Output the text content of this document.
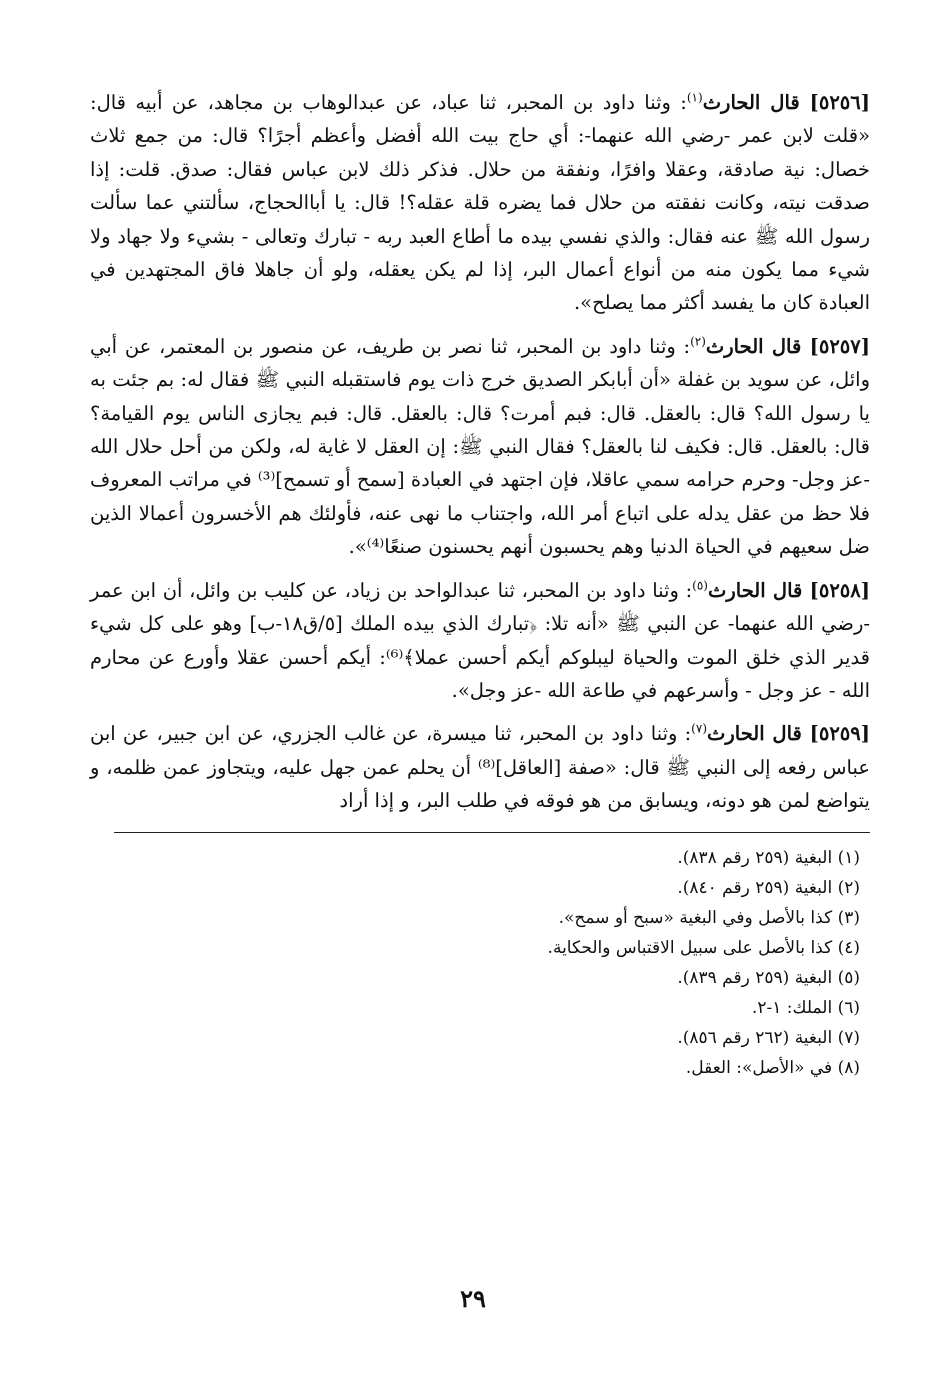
[٥٢٥٦] قال الحارث$^{(١)}$: وثنا داود بن المحبر، ثنا عباد، عن عبدالوهاب بن مجاهد، عن أبيه قال: «قلت لابن عمر -رضي الله عنهما-: أي حاج بيت الله أفضل وأعظم أجرًا؟ قال: من جمع ثلاث خصال: نية صادقة، وعقلا وافرًا، ونفقة من حلال. فذكر ذلك لابن عباس فقال: صدق. قلت: إذا صدقت نيته، وكانت نفقته من حلال فما يضره قلة عقله؟! قال: يا أباالحجاج، سألتني عما سألت رسول الله ﷺ عنه فقال: والذي نفسي بيده ما أطاع العبد ربه - تبارك وتعالى - بشيء ولا جهاد ولا شيء مما يكون منه من أنواع أعمال البر، إذا لم يكن يعقله، ولو أن جاهلا فاق المجتهدين في العبادة كان ما يفسد أكثر مما يصلح».

[٥٢٥٧] قال الحارث$^{(٢)}$: وثنا داود بن المحبر، ثنا نصر بن طريف، عن منصور بن المعتمر، عن أبي وائل، عن سويد بن غفلة «أن أبابكر الصديق خرج ذات يوم فاستقبله النبي ﷺ فقال له: بم جئت به يا رسول الله؟ قال: بالعقل. قال: فبم أمرت؟ قال: بالعقل. قال: فبم يجازى الناس يوم القيامة؟ قال: بالعقل. قال: فكيف لنا بالعقل؟ فقال النبي ﷺ: إن العقل لا غاية له، ولكن من أحل حلال الله -عز وجل- وحرم حرامه سمي عاقلا، فإن اجتهد في العبادة [سمح أو تسمح]⁽³⁾ في مراتب المعروف فلا حظ من عقل يدله على اتباع أمر الله، واجتناب ما نهى عنه، فأولئك هم الأخسرون أعمالا الذين ضل سعيهم في الحياة الدنيا وهم يحسبون أنهم يحسنون صنعًا⁽⁴⁾».

[٥٢٥٨] قال الحارث$^{(٥)}$: وثنا داود بن المحبر، ثنا عبدالواحد بن زياد، عن كليب بن وائل، أن ابن عمر -رضي الله عنهما- عن النبي ﷺ «أنه تلا: ﴿تبارك الذي بيده الملك [٥/ق١٨-ب] وهو على كل شيء قدير الذي خلق الموت والحياة ليبلوكم أيكم أحسن عملا﴾⁽⁶⁾: أيكم أحسن عقلا وأورع عن محارم الله - عز وجل - وأسرعهم في طاعة الله -عز وجل».

[٥٢٥٩] قال الحارث$^{(٧)}$: وثنا داود بن المحبر، ثنا ميسرة، عن غالب الجزري، عن ابن جبير، عن ابن عباس رفعه إلى النبي ﷺ قال: «صفة [العاقل]⁽⁸⁾ أن يحلم عمن جهل عليه، ويتجاوز عمن ظلمه، و يتواضع لمن هو دونه، ويسابق من هو فوقه في طلب البر، و إذا أراد

(١) البغية (٢٥٩ رقم ٨٣٨).
(٢) البغية (٢٥٩ رقم ٨٤٠).
(٣) كذا بالأصل وفي البغية «سبح أو سمح».
(٤) كذا بالأصل على سبيل الاقتباس والحكاية.
(٥) البغية (٢٥٩ رقم ٨٣٩).
(٦) الملك: ١-٢.
(٧) البغية (٢٦٢ رقم ٨٥٦).
(٨) في «الأصل»: العقل.
٢٩
